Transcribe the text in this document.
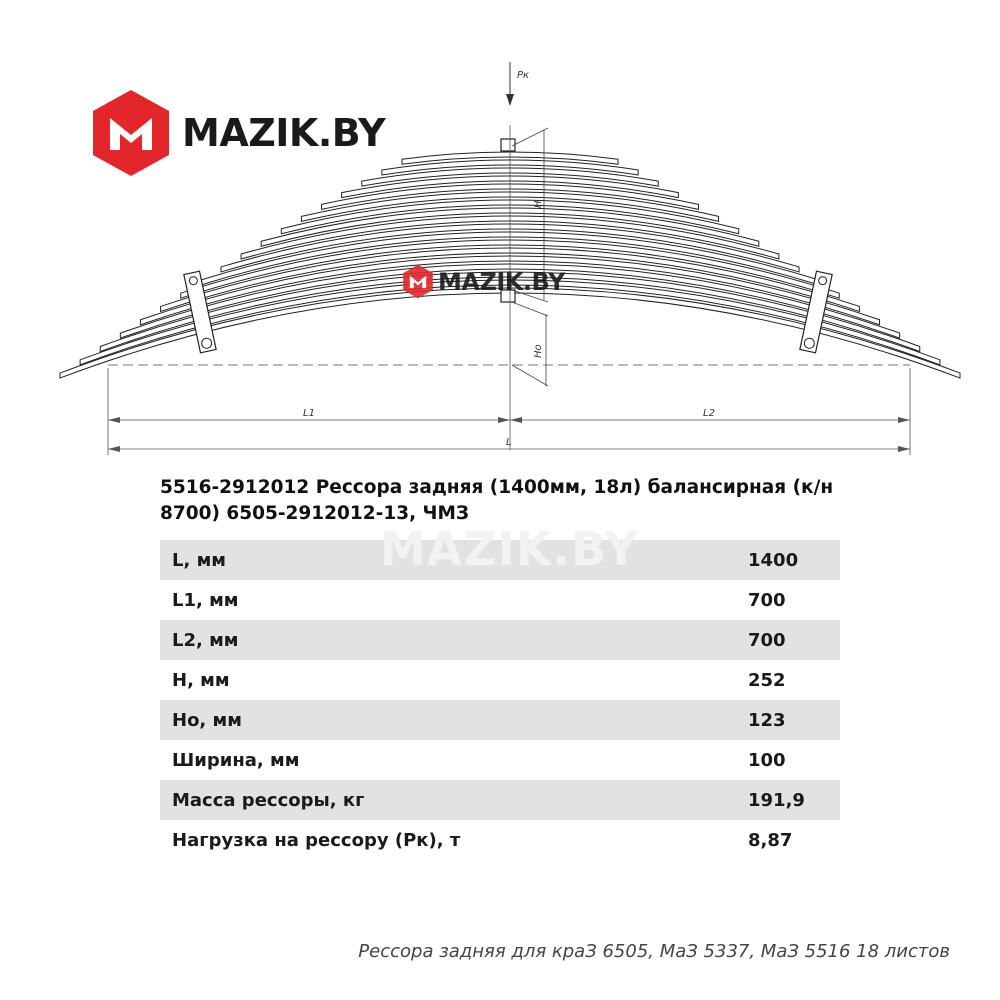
Pк
H
Hо
L1	L2
L
MAZIK.BY
MAZIK.BY
5516-2912012 Рессора задняя (1400мм, 18л) балансирная (к/н 8700) 6505-2912012-13, ЧМЗ
L, мм	1400
L1, мм	700
L2, мм	700
H, мм	252
Hо, мм	123
Ширина, мм	100
Масса рессоры, кг	191,9
Нагрузка на рессору (Pк), т	8,87
MAZIK.BY
Рессора задняя для краЗ 6505, МаЗ 5337, МаЗ 5516 18 листов
